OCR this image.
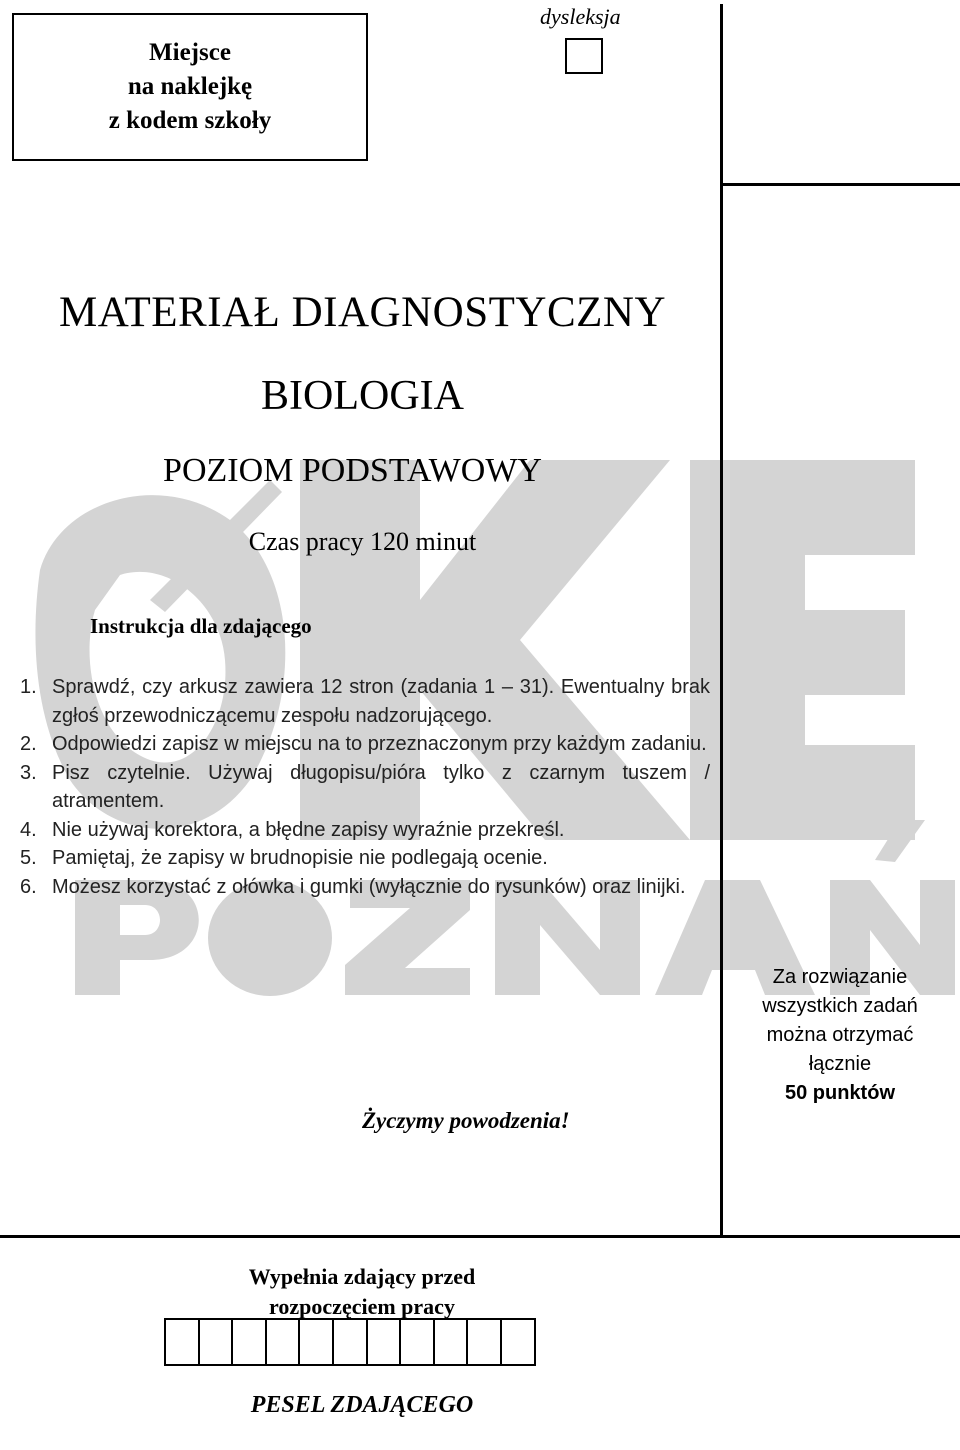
Miejsce
na naklejkę
z kodem szkoły
dysleksja
MATERIAŁ DIAGNOSTYCZNY
BIOLOGIA
POZIOM PODSTAWOWY
Czas pracy 120 minut
Instrukcja dla zdającego
1. Sprawdź, czy arkusz zawiera 12 stron (zadania 1 – 31). Ewentualny brak zgłoś przewodniczącemu zespołu nadzorującego.
2. Odpowiedzi zapisz w miejscu na to przeznaczonym przy każdym zadaniu.
3. Pisz czytelnie. Używaj długopisu/pióra tylko z czarnym tuszem / atramentem.
4. Nie używaj korektora, a błędne zapisy wyraźnie przekreśl.
5. Pamiętaj, że zapisy w brudnopisie nie podlegają ocenie.
6. Możesz korzystać z ołówka i gumki (wyłącznie do rysunków) oraz linijki.
Za rozwiązanie
wszystkich zadań
można otrzymać
łącznie
50 punktów
Życzymy powodzenia!
Wypełnia zdający przed
rozpoczęciem pracy
PESEL ZDAJĄCEGO
